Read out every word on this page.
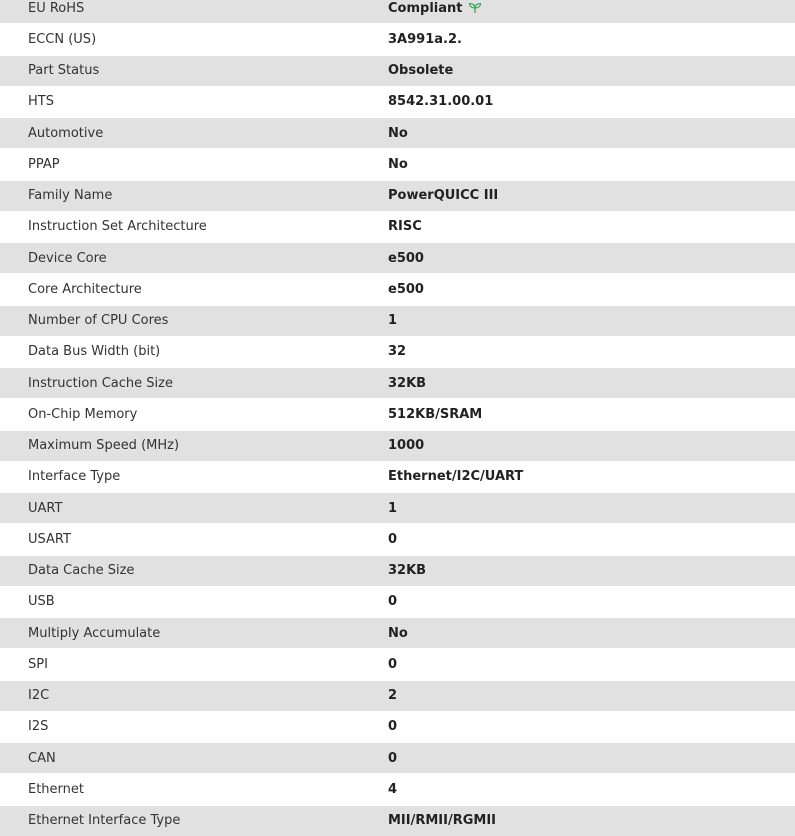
EU RoHS	Compliant
ECCN (US)	3A991a.2.
Part Status	Obsolete
HTS	8542.31.00.01
Automotive	No
PPAP	No
Family Name	PowerQUICC III
Instruction Set Architecture	RISC
Device Core	e500
Core Architecture	e500
Number of CPU Cores	1
Data Bus Width (bit)	32
Instruction Cache Size	32KB
On-Chip Memory	512KB/SRAM
Maximum Speed (MHz)	1000
Interface Type	Ethernet/I2C/UART
UART	1
USART	0
Data Cache Size	32KB
USB	0
Multiply Accumulate	No
SPI	0
I2C	2
I2S	0
CAN	0
Ethernet	4
Ethernet Interface Type	MII/RMII/RGMII
